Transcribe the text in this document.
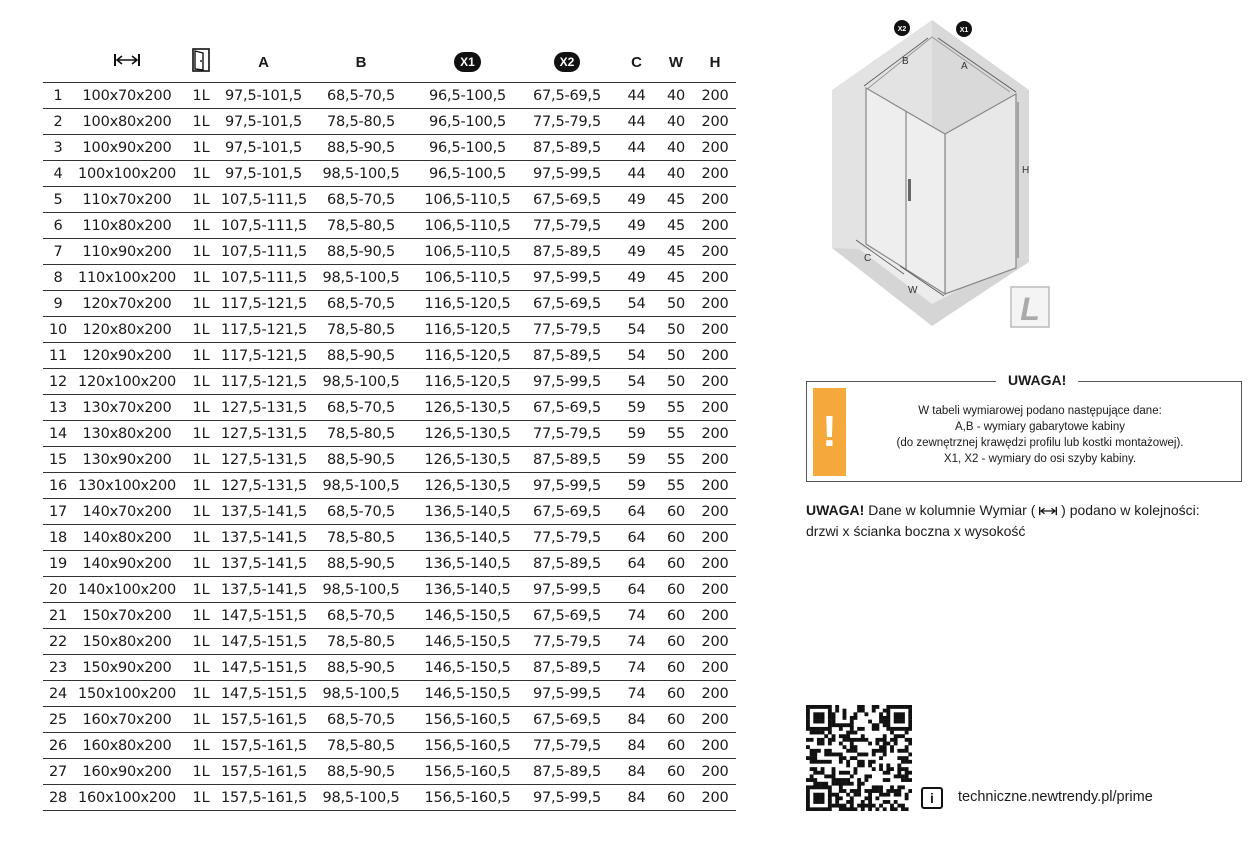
			A	B	X1	X2	C	W	H
1	100x70x200	1L	97,5-101,5	68,5-70,5	96,5-100,5	67,5-69,5	44	40	200
2	100x80x200	1L	97,5-101,5	78,5-80,5	96,5-100,5	77,5-79,5	44	40	200
3	100x90x200	1L	97,5-101,5	88,5-90,5	96,5-100,5	87,5-89,5	44	40	200
4	100x100x200	1L	97,5-101,5	98,5-100,5	96,5-100,5	97,5-99,5	44	40	200
5	110x70x200	1L	107,5-111,5	68,5-70,5	106,5-110,5	67,5-69,5	49	45	200
6	110x80x200	1L	107,5-111,5	78,5-80,5	106,5-110,5	77,5-79,5	49	45	200
7	110x90x200	1L	107,5-111,5	88,5-90,5	106,5-110,5	87,5-89,5	49	45	200
8	110x100x200	1L	107,5-111,5	98,5-100,5	106,5-110,5	97,5-99,5	49	45	200
9	120x70x200	1L	117,5-121,5	68,5-70,5	116,5-120,5	67,5-69,5	54	50	200
10	120x80x200	1L	117,5-121,5	78,5-80,5	116,5-120,5	77,5-79,5	54	50	200
11	120x90x200	1L	117,5-121,5	88,5-90,5	116,5-120,5	87,5-89,5	54	50	200
12	120x100x200	1L	117,5-121,5	98,5-100,5	116,5-120,5	97,5-99,5	54	50	200
13	130x70x200	1L	127,5-131,5	68,5-70,5	126,5-130,5	67,5-69,5	59	55	200
14	130x80x200	1L	127,5-131,5	78,5-80,5	126,5-130,5	77,5-79,5	59	55	200
15	130x90x200	1L	127,5-131,5	88,5-90,5	126,5-130,5	87,5-89,5	59	55	200
16	130x100x200	1L	127,5-131,5	98,5-100,5	126,5-130,5	97,5-99,5	59	55	200
17	140x70x200	1L	137,5-141,5	68,5-70,5	136,5-140,5	67,5-69,5	64	60	200
18	140x80x200	1L	137,5-141,5	78,5-80,5	136,5-140,5	77,5-79,5	64	60	200
19	140x90x200	1L	137,5-141,5	88,5-90,5	136,5-140,5	87,5-89,5	64	60	200
20	140x100x200	1L	137,5-141,5	98,5-100,5	136,5-140,5	97,5-99,5	64	60	200
21	150x70x200	1L	147,5-151,5	68,5-70,5	146,5-150,5	67,5-69,5	74	60	200
22	150x80x200	1L	147,5-151,5	78,5-80,5	146,5-150,5	77,5-79,5	74	60	200
23	150x90x200	1L	147,5-151,5	88,5-90,5	146,5-150,5	87,5-89,5	74	60	200
24	150x100x200	1L	147,5-151,5	98,5-100,5	146,5-150,5	97,5-99,5	74	60	200
25	160x70x200	1L	157,5-161,5	68,5-70,5	156,5-160,5	67,5-69,5	84	60	200
26	160x80x200	1L	157,5-161,5	78,5-80,5	156,5-160,5	77,5-79,5	84	60	200
27	160x90x200	1L	157,5-161,5	88,5-90,5	156,5-160,5	87,5-89,5	84	60	200
28	160x100x200	1L	157,5-161,5	98,5-100,5	156,5-160,5	97,5-99,5	84	60	200
X2	X1
B	A
H
C
W
L
UWAGA!
!	W tabeli wymiarowej podano następujące dane:
A,B - wymiary gabarytowe kabiny
(do zewnętrznej krawędzi profilu lub kostki montażowej).
X1, X2 - wymiary do osi szyby kabiny.
UWAGA! Dane w kolumnie Wymiar (  ) podano w kolejności:
drzwi x ścianka boczna x wysokość
i	techniczne.newtrendy.pl/prime
